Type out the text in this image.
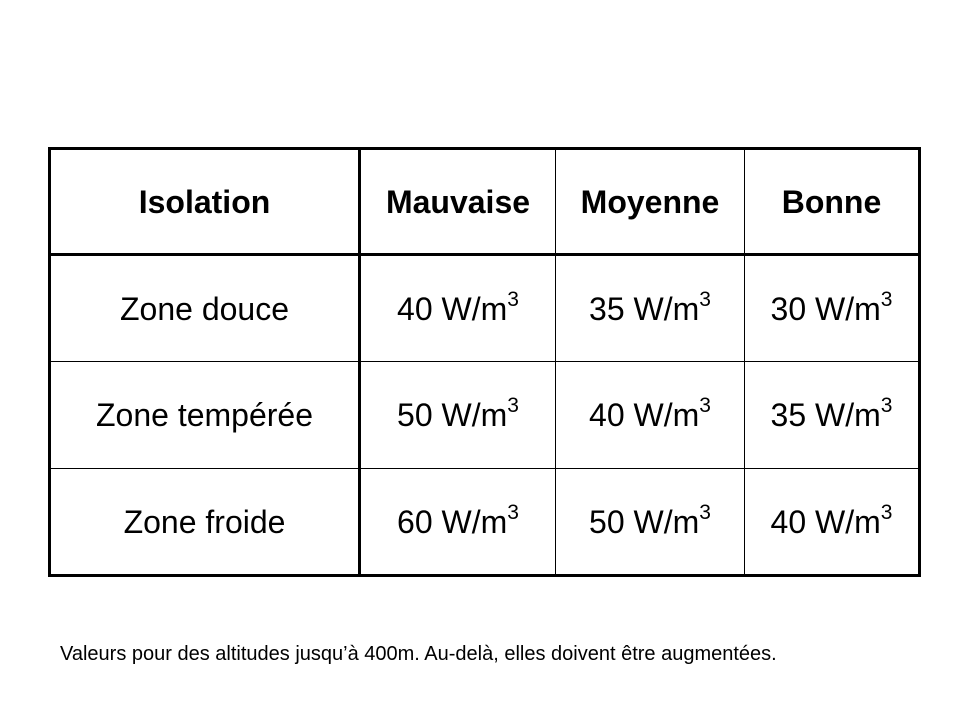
Isolation	Mauvaise	Moyenne	Bonne
Zone douce	40 $W/m^3$	35 $W/m^3$	30 $W/m^3$
Zone tempérée	50 $W/m^3$	40 $W/m^3$	35 $W/m^3$
Zone froide	60 $W/m^3$	50 $W/m^3$	40 $W/m^3$
Valeurs pour des altitudes jusqu’à 400m. Au-delà, elles doivent être augmentées.
